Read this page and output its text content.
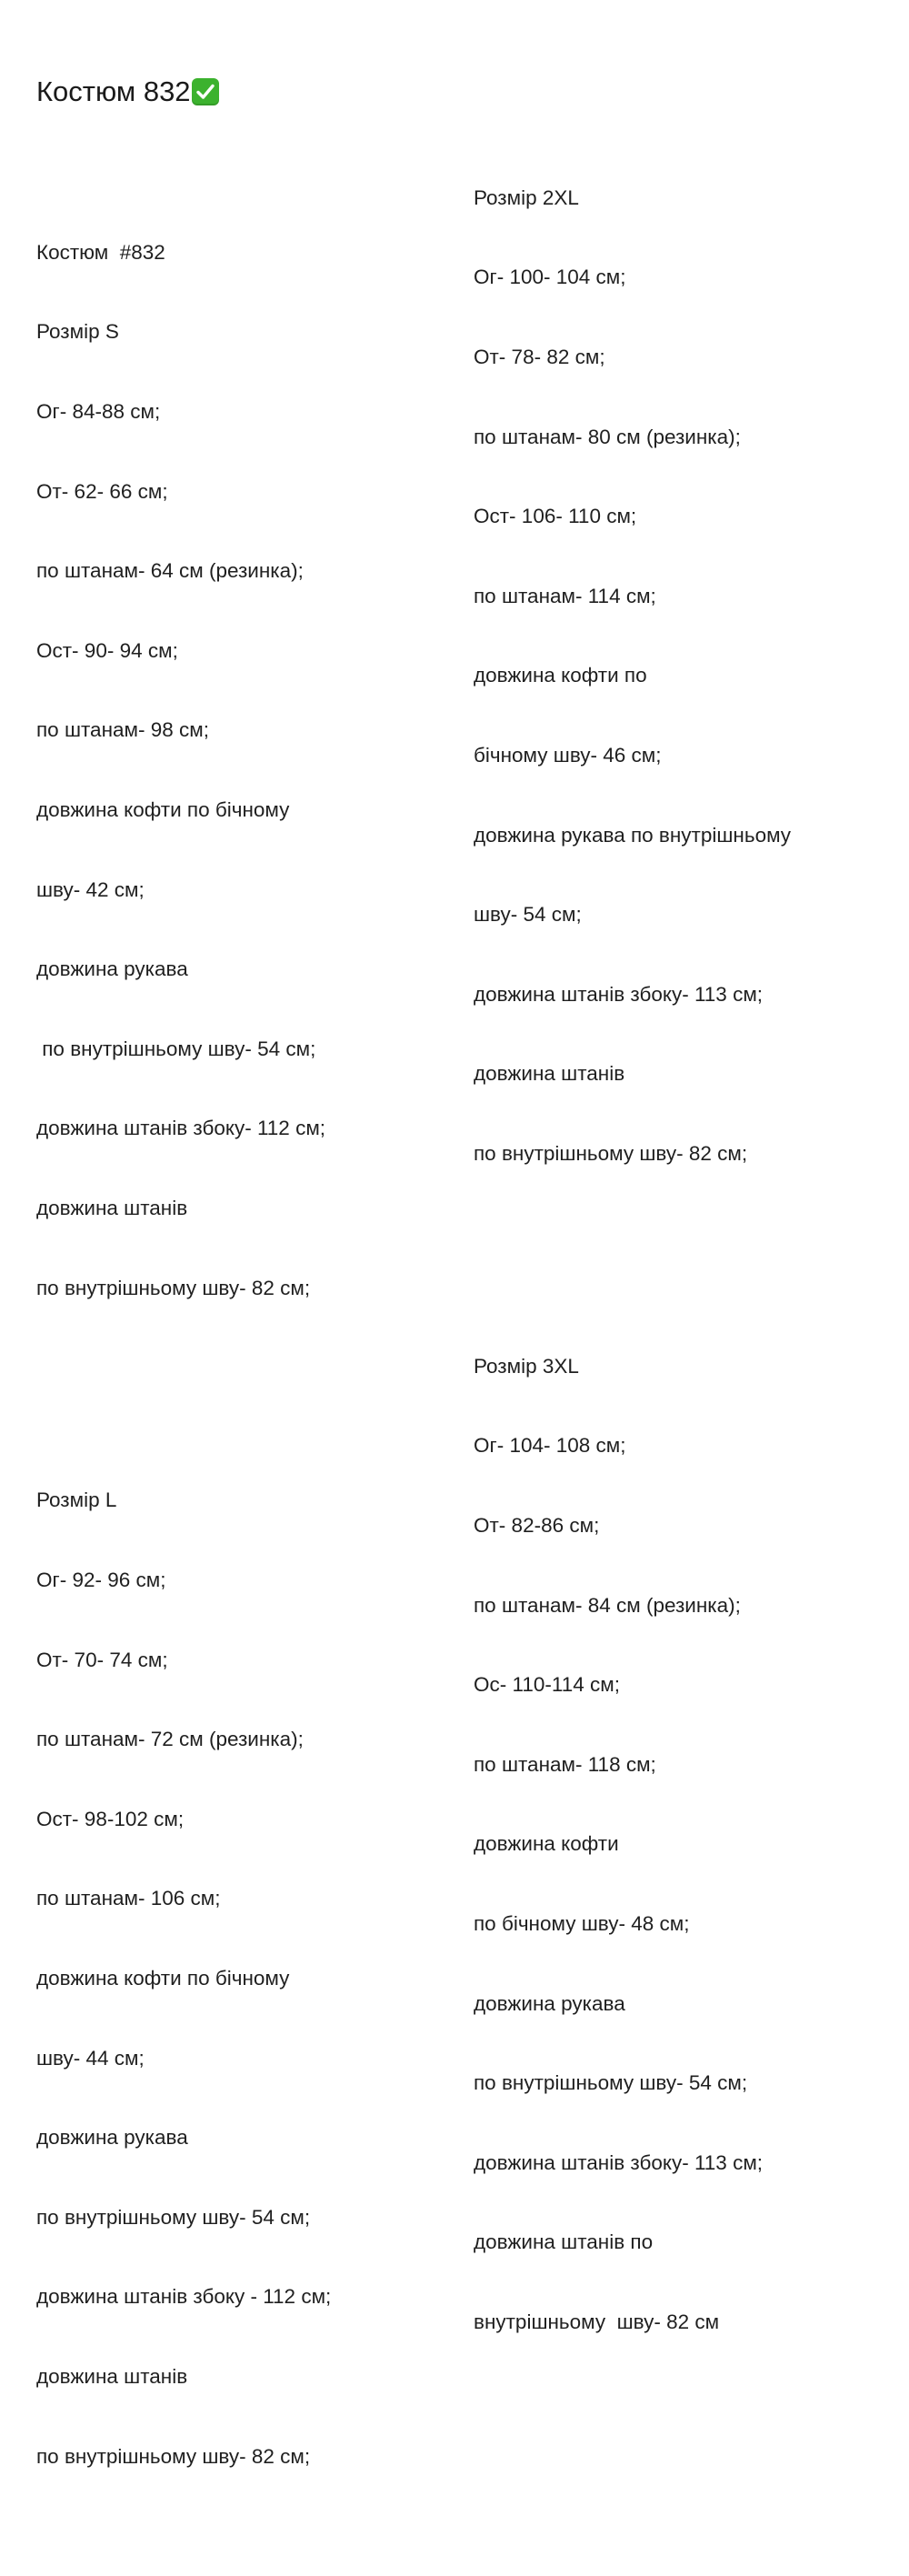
Костюм 832

Костюм  #832

Розмір S

Ог- 84-88 см;

От- 62- 66 см;

по штанам- 64 см (резинка);

Ост- 90- 94 см;

по штанам- 98 см;

довжина кофти по бічному

шву- 42 см;

довжина рукава

по внутрішньому шву- 54 см;

довжина штанів збоку- 112 см;

довжина штанів

по внутрішньому шву- 82 см;

Розмір L

Ог- 92- 96 см;

От- 70- 74 см;

по штанам- 72 см (резинка);

Ост- 98-102 см;

по штанам- 106 см;

довжина кофти по бічному

шву- 44 см;

довжина рукава

по внутрішньому шву- 54 см;

довжина штанів збоку - 112 см;

довжина штанів

по внутрішньому шву- 82 см;

Розмір 2XL

Ог- 100- 104 см;

От- 78- 82 см;

по штанам- 80 см (резинка);

Ост- 106- 110 см;

по штанам- 114 см;

довжина кофти по

бічному шву- 46 см;

довжина рукава по внутрішньому

шву- 54 см;

довжина штанів збоку- 113 см;

довжина штанів

по внутрішньому шву- 82 см;

Розмір 3XL

Ог- 104- 108 см;

От- 82-86 см;

по штанам- 84 см (резинка);

Ос- 110-114 см;

по штанам- 118 см;

довжина кофти

по бічному шву- 48 см;

довжина рукава

по внутрішньому шву- 54 см;

довжина штанів збоку- 113 см;

довжина штанів по

внутрішньому  шву- 82 см
